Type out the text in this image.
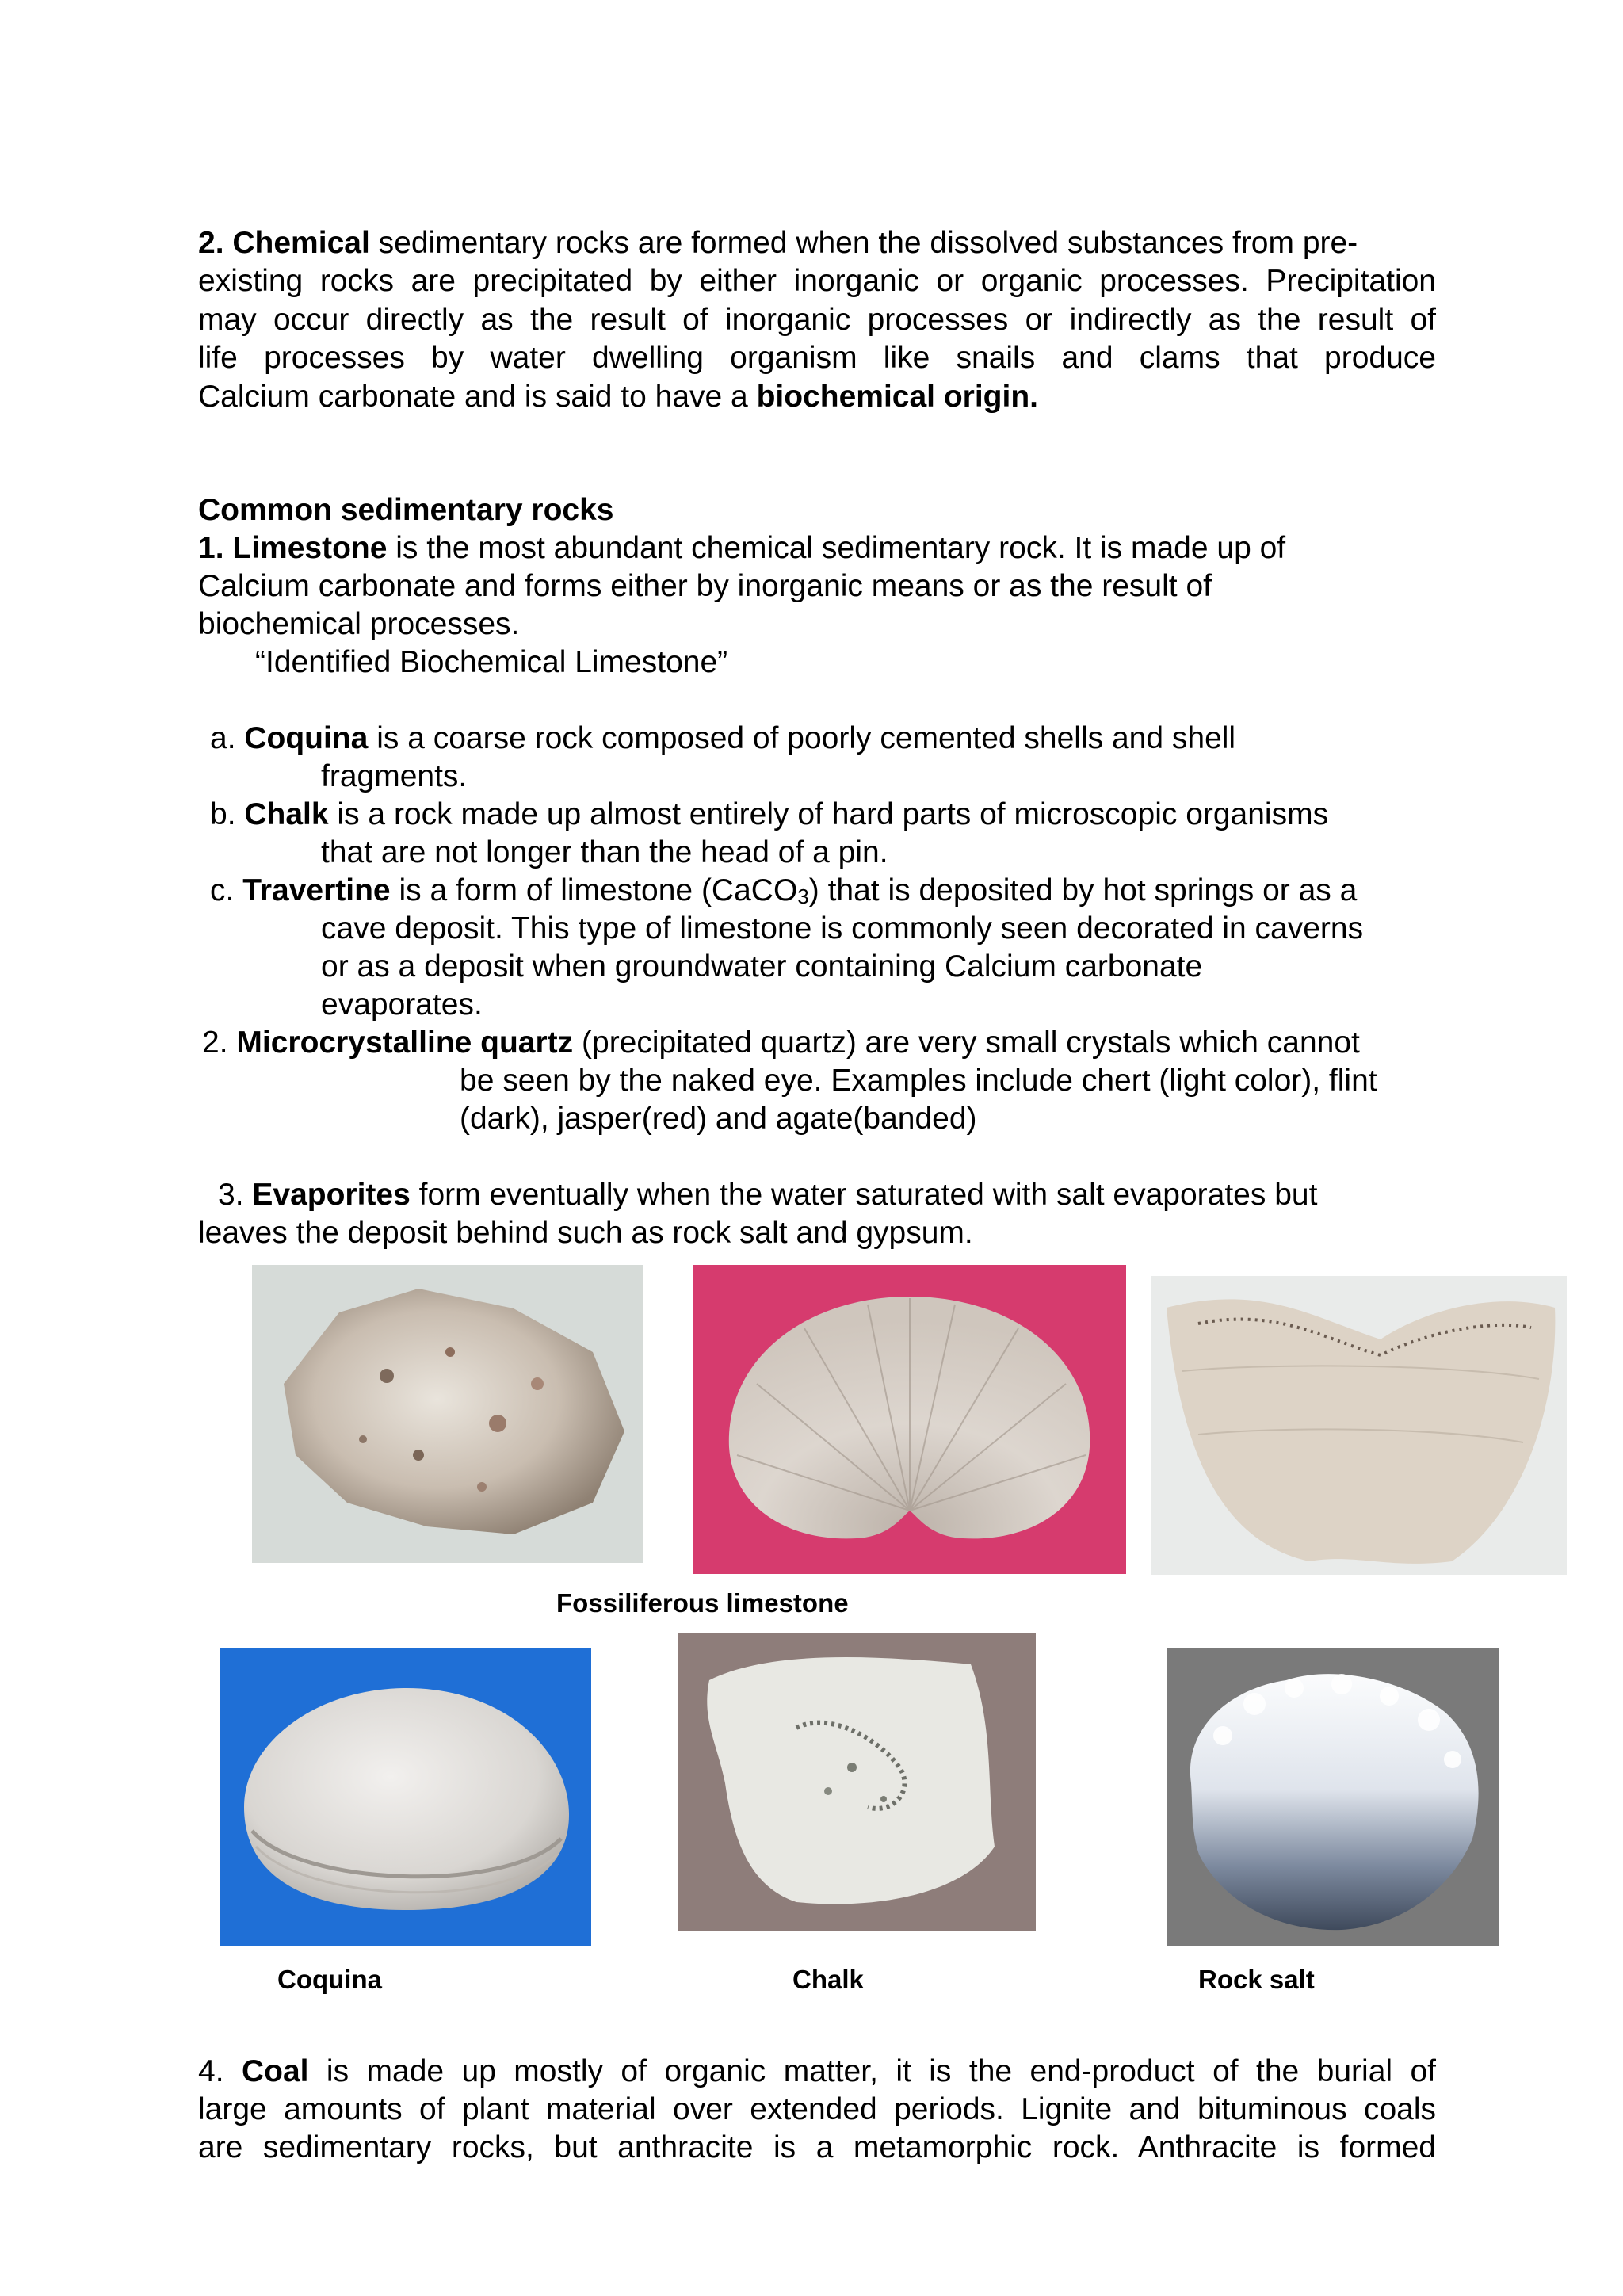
2. Chemical sedimentary rocks are formed when the dissolved substances from pre-
existing rocks are precipitated by either inorganic or organic processes. Precipitation
may occur directly as the result of inorganic processes or indirectly as the result of
life processes by water dwelling organism like snails and clams that produce
Calcium carbonate and is said to have a biochemical origin.
Common sedimentary rocks
1. Limestone is the most abundant chemical sedimentary rock. It is made up of
Calcium carbonate and forms either by inorganic means or as the result of
biochemical processes.
“Identified Biochemical Limestone”
a. Coquina is a coarse rock composed of poorly cemented shells and shell
fragments.
b. Chalk is a rock made up almost entirely of hard parts of microscopic organisms
that are not longer than the head of a pin.
c. Travertine is a form of limestone (CaCO$_3$) that is deposited by hot springs or as a
cave deposit. This type of limestone is commonly seen decorated in caverns
or as a deposit when groundwater containing Calcium carbonate
evaporates.
2. Microcrystalline quartz (precipitated quartz) are very small crystals which cannot
be seen by the naked eye. Examples include chert (light color), flint
(dark), jasper(red) and agate(banded)
3. Evaporites form eventually when the water saturated with salt evaporates but
leaves the deposit behind such as rock salt and gypsum.
Fossiliferous limestone
Coquina	Chalk	Rock salt
4. Coal is made up mostly of organic matter, it is the end-product of the burial of
large amounts of plant material over extended periods. Lignite and bituminous coals
are sedimentary rocks, but anthracite is a metamorphic rock. Anthracite is formed
